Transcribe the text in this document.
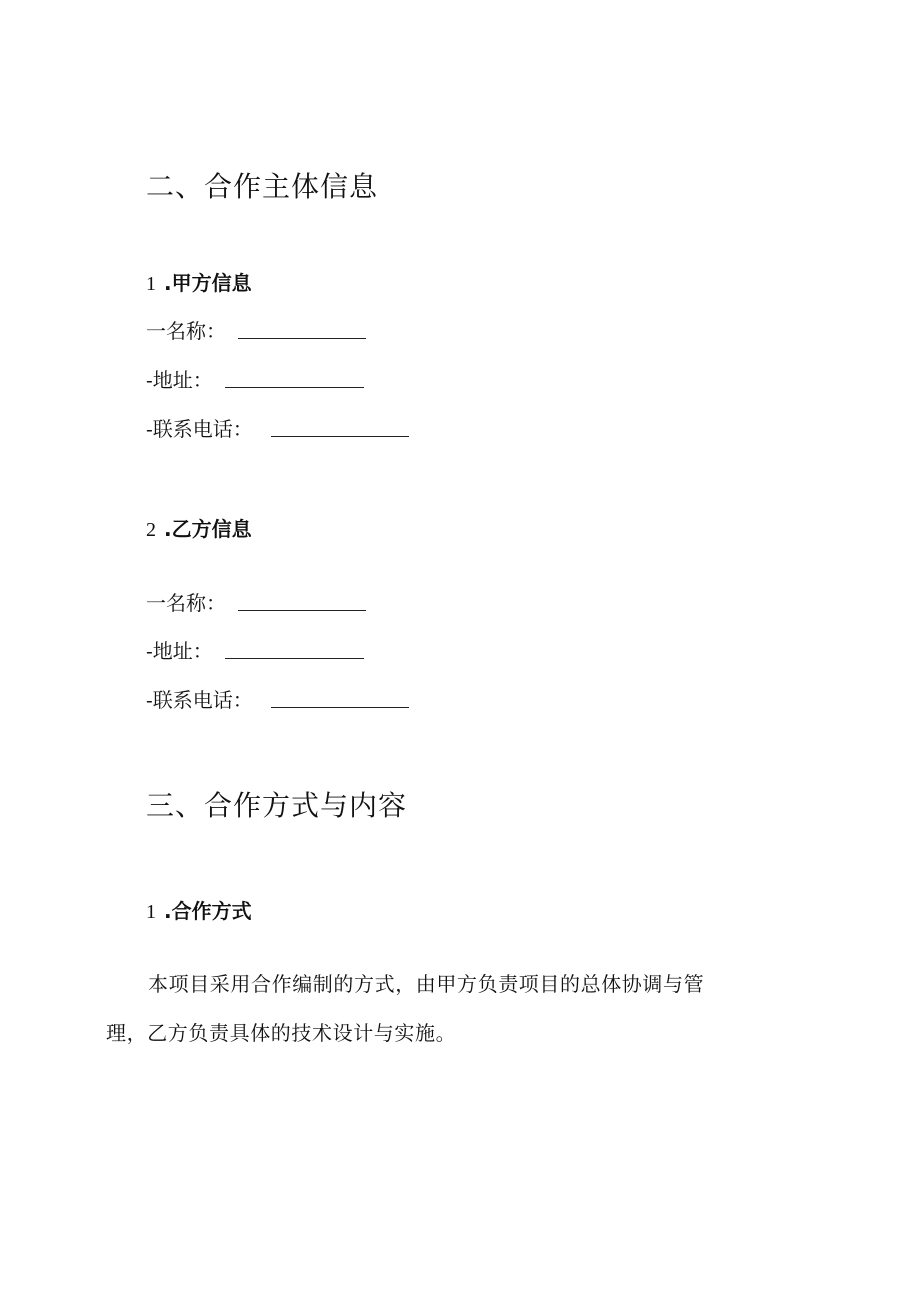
二、合作主体信息
1 .甲方信息
一名称：
-地址：
-联系电话：
2 .乙方信息
一名称：
-地址：
-联系电话：
三、合作方式与内容
1 .合作方式
本项目采用合作编制的方式，由甲方负责项目的总体协调与管
理，乙方负责具体的技术设计与实施。
